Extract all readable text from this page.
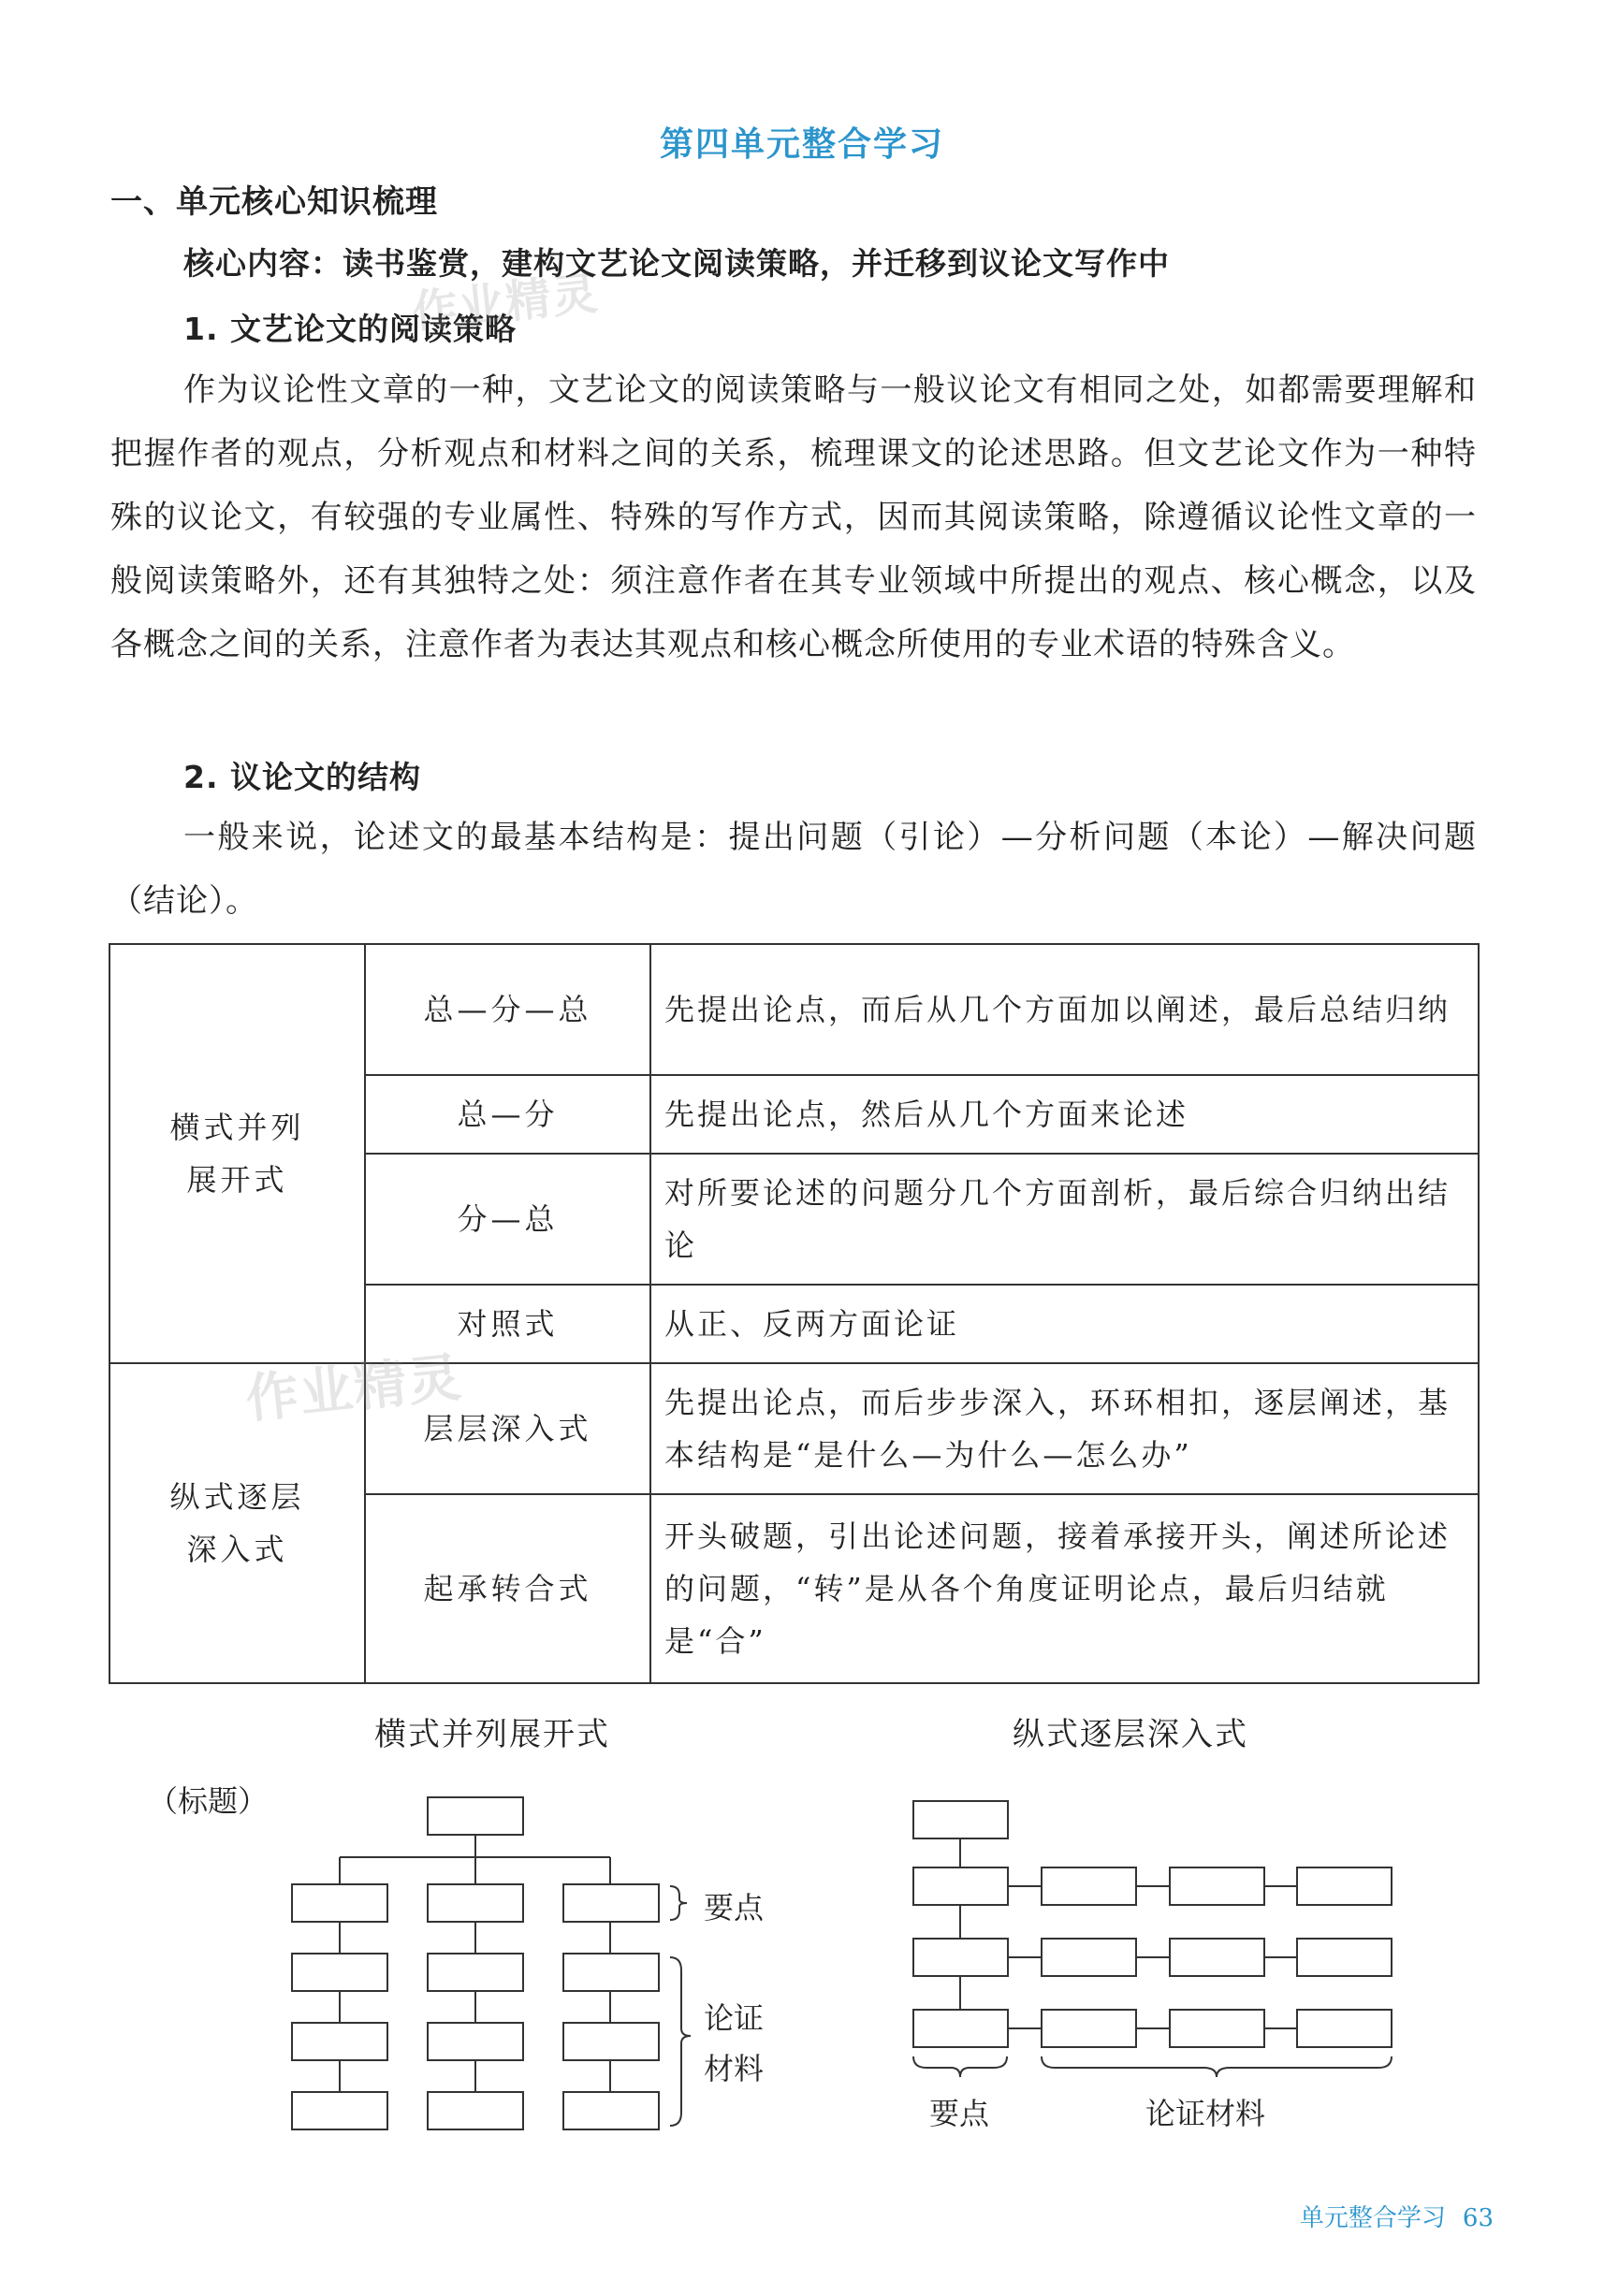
第四单元整合学习
一、单元核心知识梳理
核心内容：读书鉴赏，建构文艺论文阅读策略，并迁移到议论文写作中
1. 文艺论文的阅读策略
作为议论性文章的一种，文艺论文的阅读策略与一般议论文有相同之处，如都需要理解和把握作者的观点，分析观点和材料之间的关系，梳理课文的论述思路。但文艺论文作为一种特殊的议论文，有较强的专业属性、特殊的写作方式，因而其阅读策略，除遵循议论性文章的一般阅读策略外，还有其独特之处：须注意作者在其专业领域中所提出的观点、核心概念，以及各概念之间的关系，注意作者为表达其观点和核心概念所使用的专业术语的特殊含义。
2. 议论文的结构
一般来说，论述文的最基本结构是：提出问题（引论）—分析问题（本论）—解决问题（结论）。
横式并列展开式	总—分—总	先提出论点，而后从几个方面加以阐述，最后总结归纳
	总—分	先提出论点，然后从几个方面来论述
	分—总	对所要论述的问题分几个方面剖析，最后综合归纳出结论
	对照式	从正、反两方面论证
纵式逐层深入式	层层深入式	先提出论点，而后步步深入，环环相扣，逐层阐述，基本结构是“是什么—为什么—怎么办”
	起承转合式	开头破题，引出论述问题，接着承接开头，阐述所论述的问题，“转”是从各个角度证明论点，最后归结就是“合”
作业精灵
作业精灵
横式并列展开式	纵式逐层深入式
（标题）
要点
论证
材料
要点	论证材料
单元整合学习 63
